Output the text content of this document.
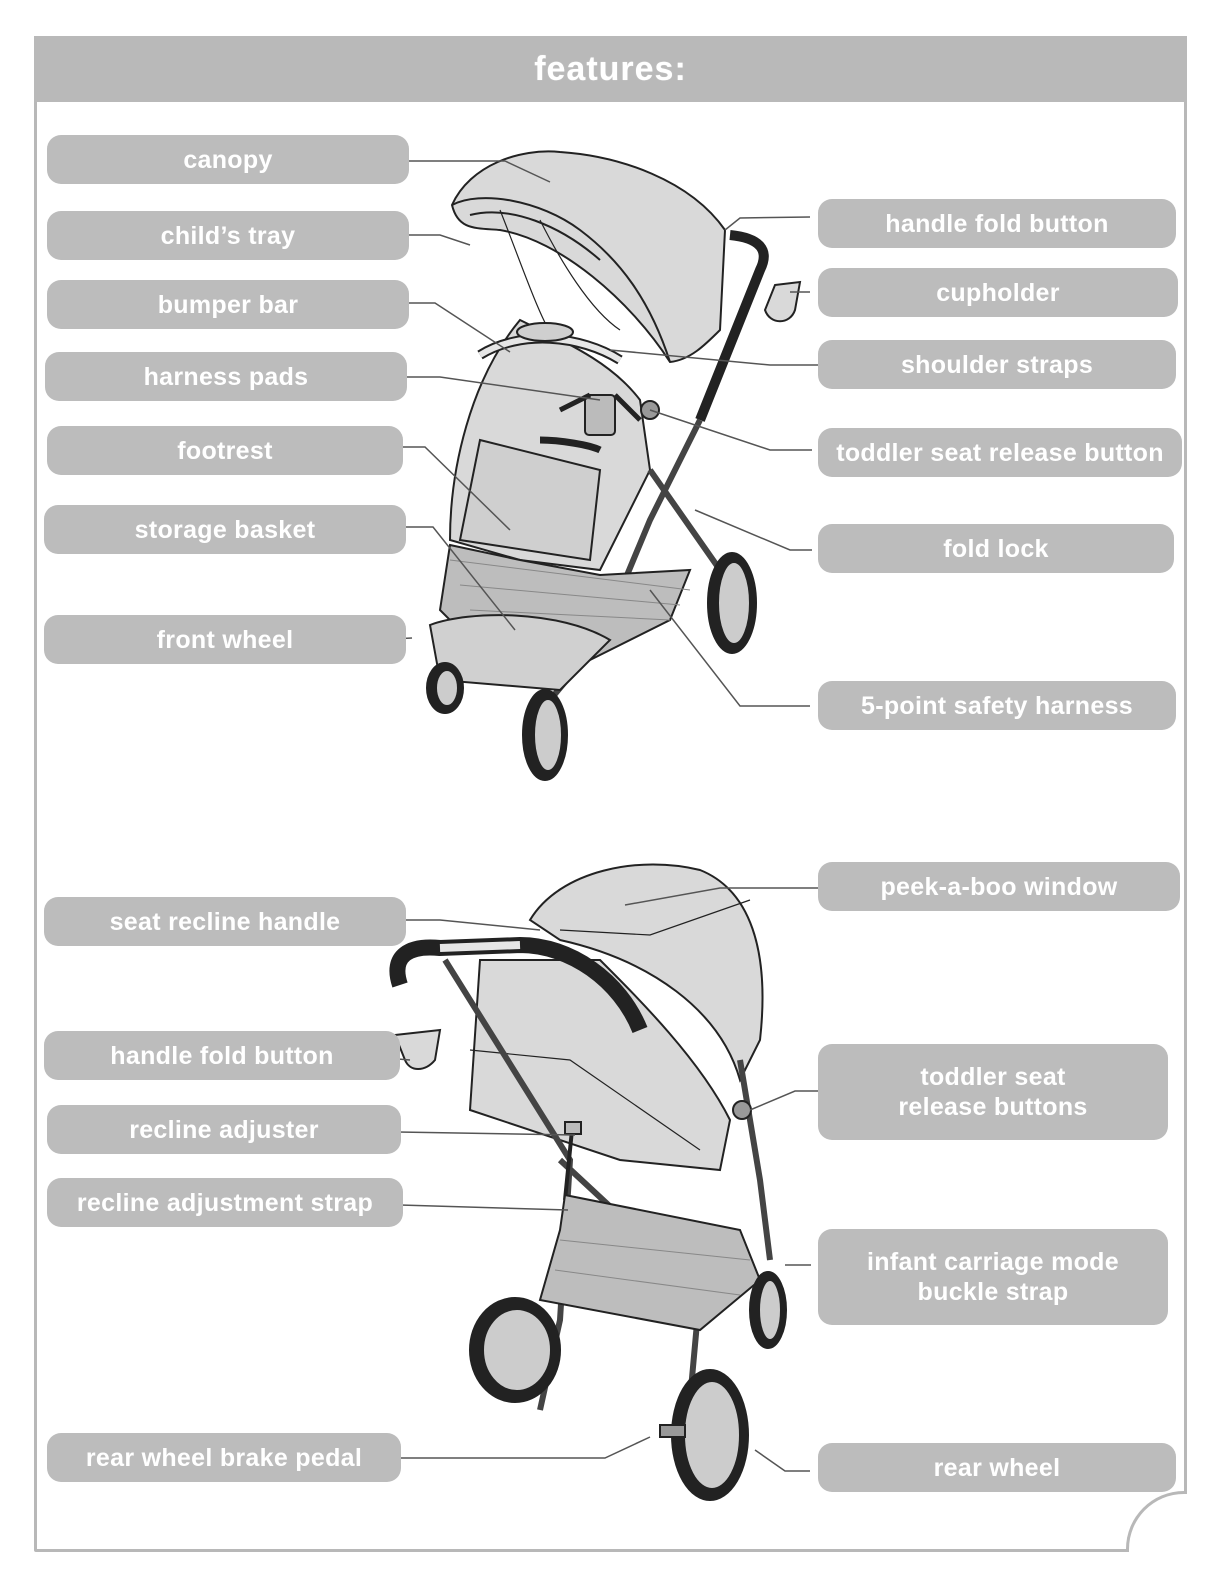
features:
canopy
child’s tray
bumper bar
harness pads
footrest
storage basket
front wheel
handle fold button
cupholder
shoulder straps
toddler seat release button
fold lock
5-point safety harness
peek-a-boo window
seat recline handle
handle fold button
toddler seat
release buttons
recline adjuster
recline adjustment strap
infant carriage mode
buckle strap
rear wheel brake pedal	rear wheel
